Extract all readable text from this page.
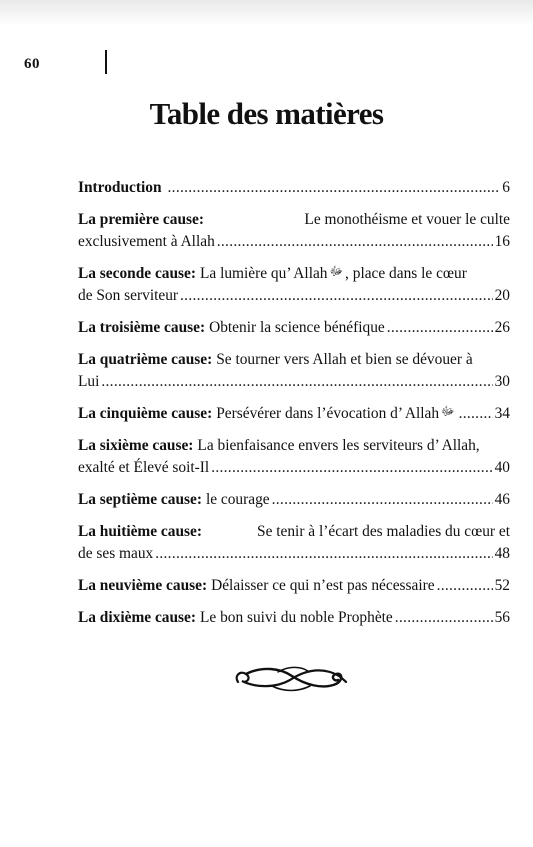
60
Table des matières
Introduction .....	6
La première cause:	Le monothéisme et vouer le culte
exclusivement à Allah .....	16
La seconde cause: La lumière qu’ Allah ﷻ , place dans le cœur
de Son serviteur .....	20
La troisième cause: Obtenir la science bénéfique .....	26
La quatrième cause: Se tourner vers Allah et bien se dévouer à
Lui .....	30
La cinquième cause: Persévérer dans l’évocation d’ Allah ﷻ .....	34
La sixième cause: La bienfaisance envers les serviteurs d’ Allah,
exalté et Élevé soit-Il .....	40
La septième cause: le courage .....	46
La huitième cause:	Se tenir à l’écart des maladies du cœur et
de ses maux .....	48
La neuvième cause: Délaisser ce qui n’est pas nécessaire .....	52
La dixième cause: Le bon suivi du noble Prophète .....	56
